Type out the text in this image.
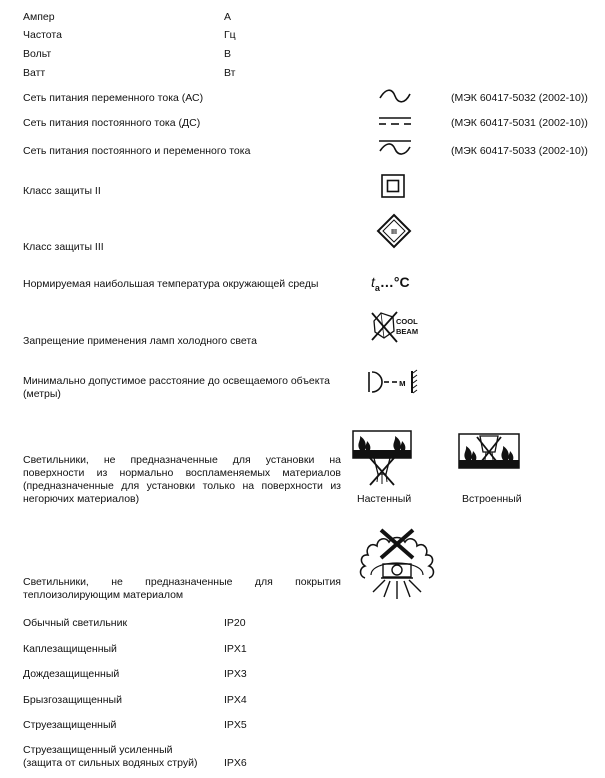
Ампер	A
Частота	Гц
Вольт	В
Ватт	Вт
Сеть питания переменного тока (АС)	(МЭК 60417-5032 (2002-10))
Сеть питания постоянного тока (ДС)	(МЭК 60417-5031 (2002-10))
Сеть питания постоянного и переменного тока	(МЭК 60417-5033 (2002-10))
Класс защиты II
Класс защиты III
III
Нормируемая наибольшая температура окружающей среды	$t_a\dots^\circ C$
Запрещение применения ламп холодного света
COOL
BEAM
Минимально допустимое расстояние до освещаемого объекта (метры)
м
Светильники, не предназначенные для установки на поверхности из нормально воспламеняемых материалов (предназначенные для установки только на поверхности из негорючих материалов)	Настенный	Встроенный
Светильники, не предназначенные для покрытия теплоизолирующим материалом
Обычный светильник	IP20
Каплезащищенный	IPX1
Дождезащищенный	IPX3
Брызгозащищенный	IPX4
Струезащищенный	IPX5
Струезащищенный усиленный
(защита от сильных водяных струй)	IPX6
